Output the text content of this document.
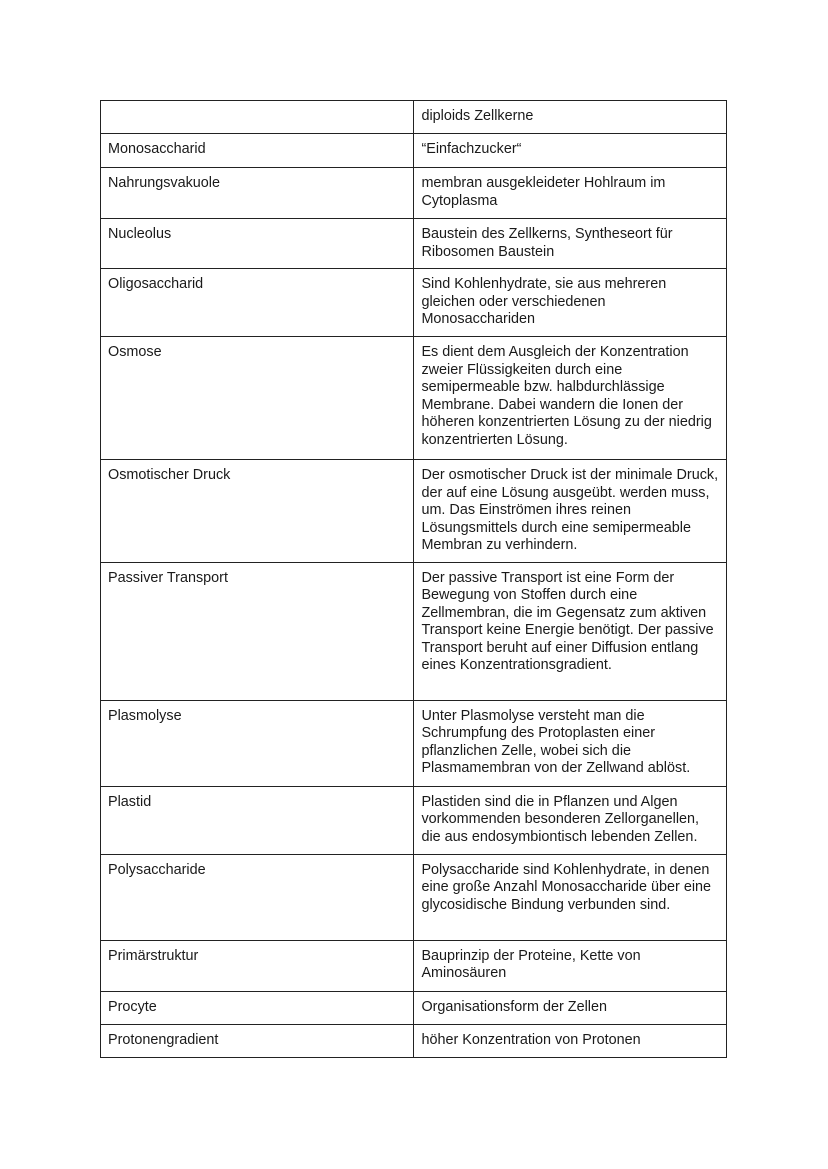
	diploids Zellkerne
Monosaccharid	“Einfachzucker“
Nahrungsvakuole	membran ausgekleideter Hohlraum im Cytoplasma
Nucleolus	Baustein des Zellkerns, Syntheseort für Ribosomen Baustein
Oligosaccharid	Sind Kohlenhydrate, sie aus mehreren gleichen oder verschiedenen Monosacchariden
Osmose	Es dient dem Ausgleich der Konzentration zweier Flüssigkeiten durch eine semipermeable bzw. halbdurchlässige Membrane. Dabei wandern die Ionen der höheren konzentrierten Lösung zu der niedrig konzentrierten Lösung.
Osmotischer Druck	Der osmotischer Druck ist der minimale Druck, der auf eine Lösung ausgeübt. werden muss, um. Das Einströmen ihres reinen Lösungsmittels durch eine semipermeable Membran zu verhindern.
Passiver Transport	Der passive Transport ist eine Form der Bewegung von Stoffen durch eine Zellmembran, die im Gegensatz zum aktiven Transport keine Energie benötigt. Der passive Transport beruht auf einer Diffusion entlang eines Konzentrationsgradient.
Plasmolyse	Unter Plasmolyse versteht man die Schrumpfung des Protoplasten einer pflanzlichen Zelle, wobei sich die Plasmamembran von der Zellwand ablöst.
Plastid	Plastiden sind die in Pflanzen und Algen vorkommenden besonderen Zellorganellen, die aus endosymbiontisch lebenden Zellen.
Polysaccharide	Polysaccharide sind Kohlenhydrate, in denen eine große Anzahl Monosaccharide über eine glycosidische Bindung verbunden sind.
Primärstruktur	Bauprinzip der Proteine, Kette von Aminosäuren
Procyte	Organisationsform der Zellen
Protonengradient	höher Konzentration von Protonen
